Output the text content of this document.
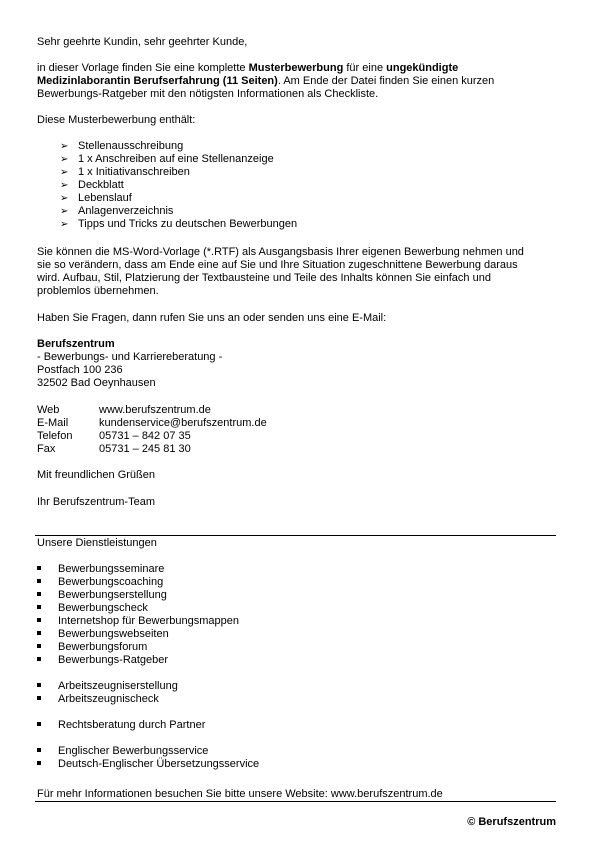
Sehr geehrte Kundin, sehr geehrter Kunde,
in dieser Vorlage finden Sie eine komplette Musterbewerbung für eine ungekündigte
Medizinlaborantin Berufserfahrung (11 Seiten). Am Ende der Datei finden Sie einen kurzen
Bewerbungs-Ratgeber mit den nötigsten Informationen als Checkliste.
Diese Musterbewerbung enthält:
➢ Stellenausschreibung
➢ 1 x Anschreiben auf eine Stellenanzeige
➢ 1 x Initiativanschreiben
➢ Deckblatt
➢ Lebenslauf
➢ Anlagenverzeichnis
➢ Tipps und Tricks zu deutschen Bewerbungen
Sie können die MS-Word-Vorlage (*.RTF) als Ausgangsbasis Ihrer eigenen Bewerbung nehmen und
sie so verändern, dass am Ende eine auf Sie und Ihre Situation zugeschnittene Bewerbung daraus
wird. Aufbau, Stil, Platzierung der Textbausteine und Teile des Inhalts können Sie einfach und
problemlos übernehmen.
Haben Sie Fragen, dann rufen Sie uns an oder senden uns eine E-Mail:
Berufszentrum
- Bewerbungs- und Karriereberatung -
Postfach 100 236
32502 Bad Oeynhausen
Web	www.berufszentrum.de
E-Mail	kundenservice@berufszentrum.de
Telefon 05731 – 842 07 35
Fax	05731 – 245 81 30
Mit freundlichen Grüßen
Ihr Berufszentrum-Team
Unsere Dienstleistungen
Bewerbungsseminare
Bewerbungscoaching
Bewerbungserstellung
Bewerbungscheck
Internetshop für Bewerbungsmappen
Bewerbungswebseiten
Bewerbungsforum
Bewerbungs-Ratgeber
Arbeitszeugniserstellung
Arbeitszeugnischeck
Rechtsberatung durch Partner
Englischer Bewerbungsservice
Deutsch-Englischer Übersetzungsservice
Für mehr Informationen besuchen Sie bitte unsere Website: www.berufszentrum.de
© Berufszentrum
